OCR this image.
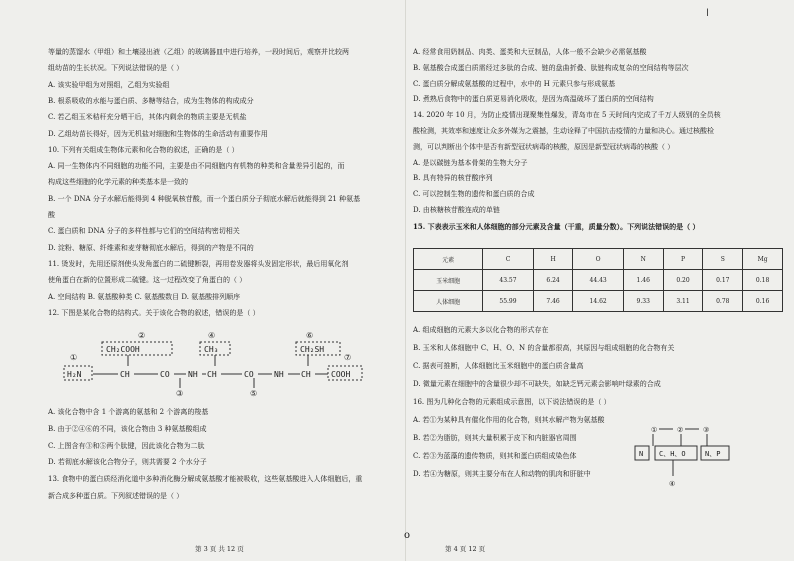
等量的蒸馏水（甲组）和土壤浸出液（乙组）的玻璃器皿中进行培养，一段时间后，观察并比较两
组幼苗的生长状况。下列说法错误的是（ ）
A. 该实验甲组为对照组，乙组为实验组
B. 根系吸收的水能与蛋白质、多糖等结合，成为生物体的构成成分
C. 若乙组玉米秸秆充分晒干后，其体内剩余的物质主要是无机盐
D. 乙组幼苗长得好，因为无机盐对细胞和生物体的生命活动有重要作用
10. 下列有关组成生物体元素和化合物的叙述，正确的是（ ）
A. 同一生物体内不同细胞的功能不同，主要是由不同细胞内有机物的种类和含量差异引起的，而
构成这些细胞的化学元素的种类基本是一致的
B. 一个 DNA 分子水解后能得到 4 种脱氧核苷酸，而一个蛋白质分子彻底水解后就能得到 21 种氨基
酸
C. 蛋白质和 DNA 分子的多样性都与它们的空间结构密切相关
D. 淀粉、糖原、纤维素和麦芽糖彻底水解后，得到的产物是不同的
11. 烫发时，先用还原剂使头发角蛋白的二硫键断裂，再用卷发器将头发固定形状，最后用氧化剂
使角蛋白在新的位置形成二硫键。这一过程改变了角蛋白的（ ）
A. 空间结构 B. 氨基酸种类 C. 氨基酸数目 D. 氨基酸排列顺序
12. 下图是某化合物的结构式。关于该化合物的叙述，错误的是（ ）
②	④	⑥
①	⑦
③	⑤
CH₂COOH	CH₃	CH₂SH
H₂N	CH	CO NH CH	CO	NH CH	COOH
A. 该化合物中含 1 个游离的氨基和 2 个游离的羧基
B. 由于②④⑥的不同，该化合物由 3 种氨基酸组成
C. 上图含有③和⑤两个肽键，因此该化合物为二肽
D. 若彻底水解该化合物分子，则共需要 2 个水分子
13. 食物中的蛋白质经消化道中多种消化酶分解成氨基酸才能被吸收，这些氨基酸进入人体细胞后，重
新合成多种蛋白质。下列叙述错误的是（ ）
第 3 页 共 12 页
A. 经常食用奶制品、肉类、蛋类和大豆制品，人体一般不会缺少必需氨基酸
B. 氨基酸合成蛋白质需经过多肽的合成、链的盘曲折叠、肽链构成复杂的空间结构等层次
C. 蛋白质分解成氨基酸的过程中，水中的 H 元素只参与形成氨基
D. 煮熟后食物中的蛋白质更易消化吸收，是因为高温破坏了蛋白质的空间结构
14. 2020 年 10 月，为防止疫情出现聚集性爆发，青岛市在 5 天时间内完成了千万人级别的全员核
酸检测，其效率和速度让众多外媒为之震撼，生动诠释了中国抗击疫情的力量和决心。通过核酸检
测，可以判断出个体中是否有新型冠状病毒的核酸，原因是新型冠状病毒的核酸（ ）
A. 是以碳链为基本骨架的生物大分子
B. 具有特异的核苷酸序列
C. 可以控制生物的遗传和蛋白质的合成
D. 由核糖核苷酸连成的单链
15. 下表表示玉米和人体细胞的部分元素及含量（干重，质量分数）。下列说法错误的是（ ）
元素	C	H	O	N	P	S	Mg
玉米细胞	43.57	6.24	44.43	1.46	0.20	0.17	0.18
人体细胞	55.99	7.46	14.62	9.33	3.11	0.78	0.16
A. 组成细胞的元素大多以化合物的形式存在
B. 玉米和人体细胞中 C、H、O、N 的含量都很高，其原因与组成细胞的化合物有关
C. 据表可推断，人体细胞比玉米细胞中的蛋白质含量高
D. 微量元素在细胞中的含量很少却不可缺失，如缺乏钙元素会影响叶绿素的合成
16. 图为几种化合物的元素组成示意图，以下说法错误的是（ ）
A. 若①为某种具有催化作用的化合物，则其水解产物为氨基酸
B. 若②为脂肪，则其大量积累于皮下和内脏器官周围
C. 若③为蓝藻的遗传物质，则其和蛋白质组成染色体
D. 若④为糖原，则其主要分布在人和动物的肌肉和肝脏中
①	②	③
N C、H、O	N、P
④
第 4 页 12 页
ǀ
o
